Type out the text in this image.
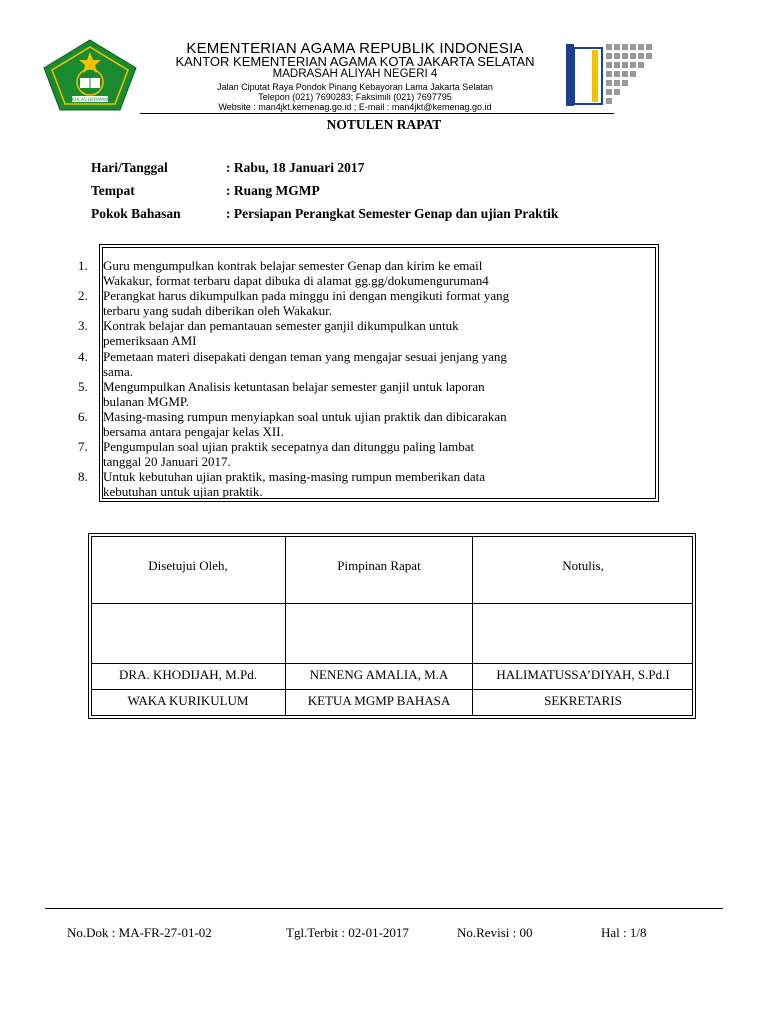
IKHLAS BERAMAL
KEMENTERIAN AGAMA REPUBLIK INDONESIA
KANTOR KEMENTERIAN AGAMA KOTA JAKARTA SELATAN
MADRASAH ALIYAH NEGERI 4
Jalan Ciputat Raya Pondok Pinang Kebayoran Lama Jakarta Selatan
Telepon (021) 7690283; Faksimili (021) 7697795
Website : man4jkt.kemenag.go.id ; E-mail : man4jkt@kemenag.go.id
NOTULEN RAPAT
Hari/Tanggal	: Rabu, 18 Januari 2017
Tempat	: Ruang MGMP
Pokok Bahasan	: Persiapan Perangkat Semester Genap dan ujian Praktik
1. Guru mengumpulkan kontrak belajar semester Genap dan kirim ke email
Wakakur, format terbaru dapat dibuka di alamat gg.gg/dokumenguruman4
2. Perangkat harus dikumpulkan pada minggu ini dengan mengikuti format yang
terbaru yang sudah diberikan oleh Wakakur.
3. Kontrak belajar dan pemantauan semester ganjil dikumpulkan untuk
pemeriksaan AMI
4. Pemetaan materi disepakati dengan teman yang mengajar sesuai jenjang yang
sama.
5. Mengumpulkan Analisis ketuntasan belajar semester ganjil untuk laporan
bulanan MGMP.
6. Masing-masing rumpun menyiapkan soal untuk ujian praktik dan dibicarakan
bersama antara pengajar kelas XII.
7. Pengumpulan soal ujian praktik secepatnya dan ditunggu paling lambat
tanggal 20 Januari 2017.
8. Untuk kebutuhan ujian praktik, masing-masing rumpun memberikan data
kebutuhan untuk ujian praktik.
Disetujui Oleh,	Pimpinan Rapat	Notulis,
DRA. KHODIJAH, M.Pd.	NENENG AMALIA, M.A	HALIMATUSSA’DIYAH, S.Pd.I
WAKA KURIKULUM	KETUA MGMP BAHASA	SEKRETARIS
No.Dok : MA-FR-27-01-02	Tgl.Terbit : 02-01-2017	No.Revisi : 00	Hal : 1/8
